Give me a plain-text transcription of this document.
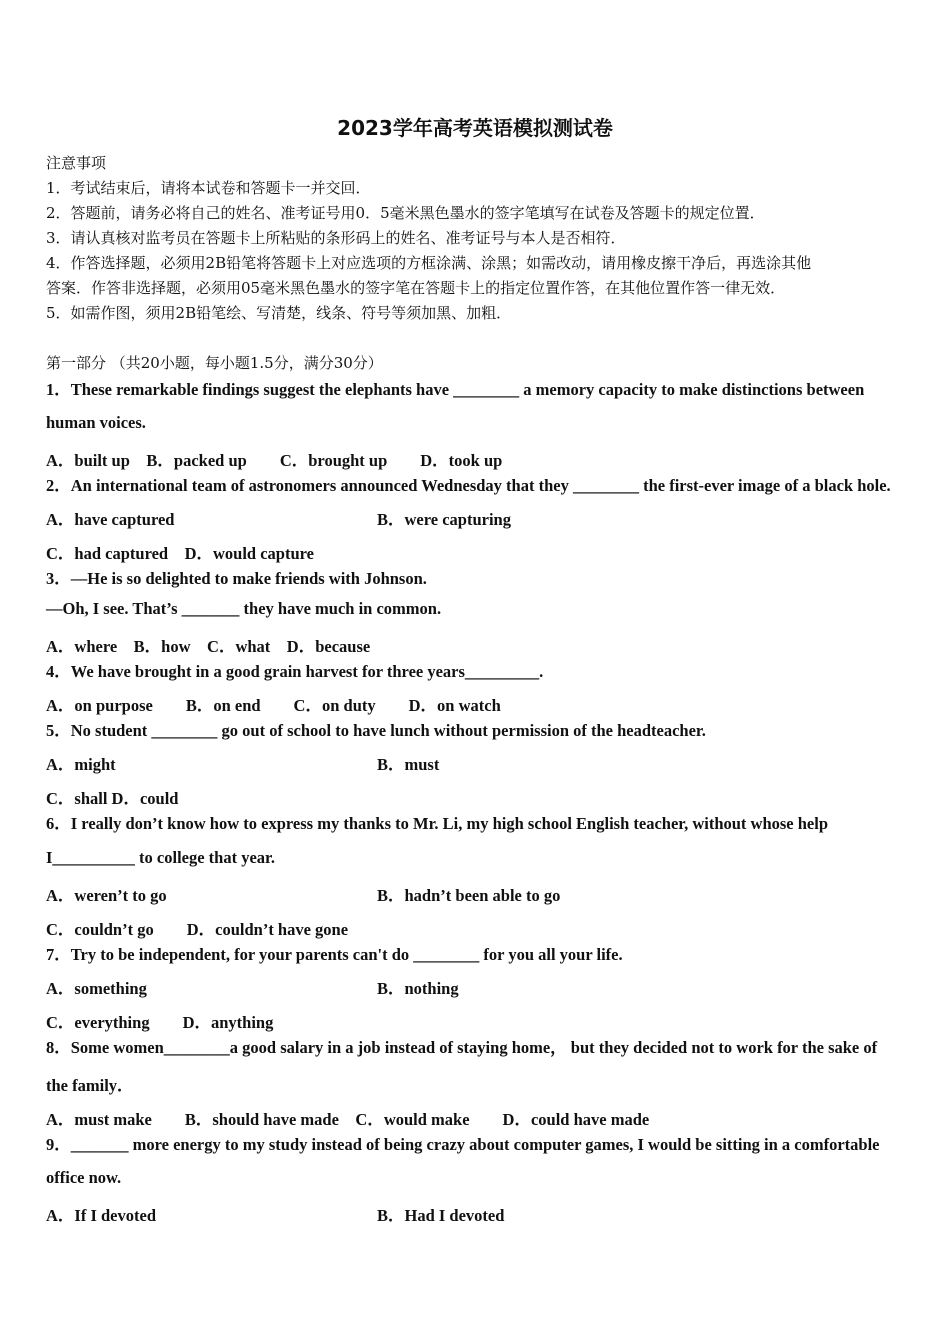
2023学年高考英语模拟测试卷
注意事项
1．考试结束后，请将本试卷和答题卡一并交回．
2．答题前，请务必将自己的姓名、准考证号用0．5毫米黑色墨水的签字笔填写在试卷及答题卡的规定位置．
3．请认真核对监考员在答题卡上所粘贴的条形码上的姓名、准考证号与本人是否相符．
4．作答选择题，必须用2B铅笔将答题卡上对应选项的方框涂满、涂黑；如需改动，请用橡皮擦干净后，再选涂其他
答案．作答非选择题，必须用05毫米黑色墨水的签字笔在答题卡上的指定位置作答，在其他位置作答一律无效．
5．如需作图，须用2B铅笔绘、写清楚，线条、符号等须加黑、加粗．
第一部分 （共20小题，每小题1.5分，满分30分）
1．These remarkable findings suggest the elephants have ________ a memory capacity to make distinctions between
human voices.
A．built up　B．packed up　　C．brought up　　D．took up
2．An international team of astronomers announced Wednesday that they ________ the first-ever image of a black hole.
A．have captured	B．were capturing
C．had captured　D．would capture
3．—He is so delighted to make friends with Johnson.
—Oh, I see. That’s _______ they have much in common.
A．where　B．how　C．what　D．because
4．We have brought in a good grain harvest for three years_________.
A．on purpose　　B．on end　　C．on duty　　D．on watch
5．No student ________ go out of school to have lunch without permission of the headteacher.
A．might	B．must
C．shall D．could
6．I really don’t know how to express my thanks to Mr. Li, my high school English teacher, without whose help
I__________ to college that year.
A．weren’t to go	B．hadn’t been able to go
C．couldn’t go　　D．couldn’t have gone
7．Try to be independent, for your parents can't do ________ for you all your life.
A．something	B．nothing
C．everything　　D．anything
8．Some women________a good salary in a job instead of staying home， but they decided not to work for the sake of
the family．
A．must make　　B．should have made　C．would make　　D．could have made
9．_______ more energy to my study instead of being crazy about computer games, I would be sitting in a comfortable
office now.
A．If I devoted	B．Had I devoted
